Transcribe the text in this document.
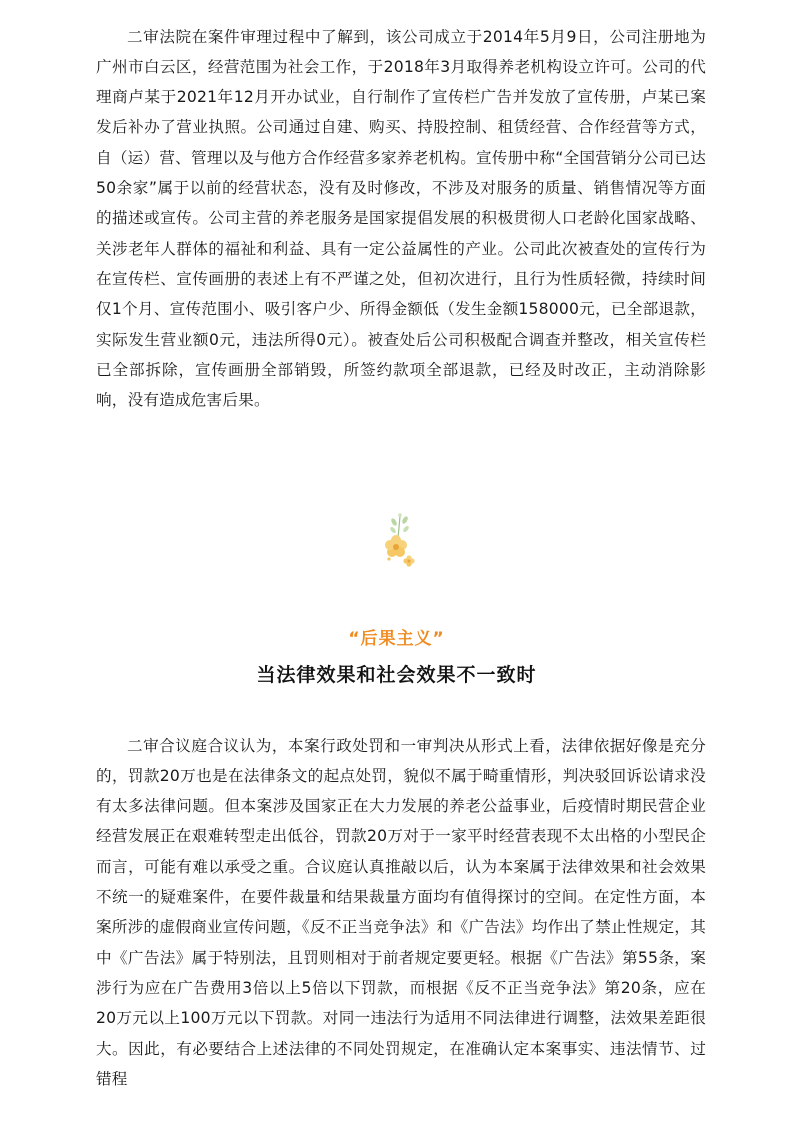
二审法院在案件审理过程中了解到，该公司成立于2014年5月9日，公司注册地为广州市白云区，经营范围为社会工作，于2018年3月取得养老机构设立许可。公司的代理商卢某于2021年12月开办试业，自行制作了宣传栏广告并发放了宣传册，卢某已案发后补办了营业执照。公司通过自建、购买、持股控制、租赁经营、合作经营等方式，自（运）营、管理以及与他方合作经营多家养老机构。宣传册中称“全国营销分公司已达50余家”属于以前的经营状态，没有及时修改，不涉及对服务的质量、销售情况等方面的描述或宣传。公司主营的养老服务是国家提倡发展的积极贯彻人口老龄化国家战略、关涉老年人群体的福祉和利益、具有一定公益属性的产业。公司此次被查处的宣传行为在宣传栏、宣传画册的表述上有不严谨之处，但初次进行，且行为性质轻微，持续时间仅1个月、宣传范围小、吸引客户少、所得金额低（发生金额158000元，已全部退款，实际发生营业额0元，违法所得0元）。被查处后公司积极配合调查并整改，相关宣传栏已全部拆除，宣传画册全部销毁，所签约款项全部退款，已经及时改正，主动消除影响，没有造成危害后果。

“后果主义”
当法律效果和社会效果不一致时

二审合议庭合议认为，本案行政处罚和一审判决从形式上看，法律依据好像是充分的，罚款20万也是在法律条文的起点处罚，貌似不属于畸重情形，判决驳回诉讼请求没有太多法律问题。但本案涉及国家正在大力发展的养老公益事业，后疫情时期民营企业经营发展正在艰难转型走出低谷，罚款20万对于一家平时经营表现不太出格的小型民企而言，可能有难以承受之重。合议庭认真推敲以后，认为本案属于法律效果和社会效果不统一的疑难案件，在要件裁量和结果裁量方面均有值得探讨的空间。在定性方面，本案所涉的虚假商业宣传问题，《反不正当竞争法》和《广告法》均作出了禁止性规定，其中《广告法》属于特别法，且罚则相对于前者规定要更轻。根据《广告法》第55条，案涉行为应在广告费用3倍以上5倍以下罚款，而根据《反不正当竞争法》第20条，应在20万元以上100万元以下罚款。对同一违法行为适用不同法律进行调整，法效果差距很大。因此，有必要结合上述法律的不同处罚规定，在准确认定本案事实、违法情节、过错程
